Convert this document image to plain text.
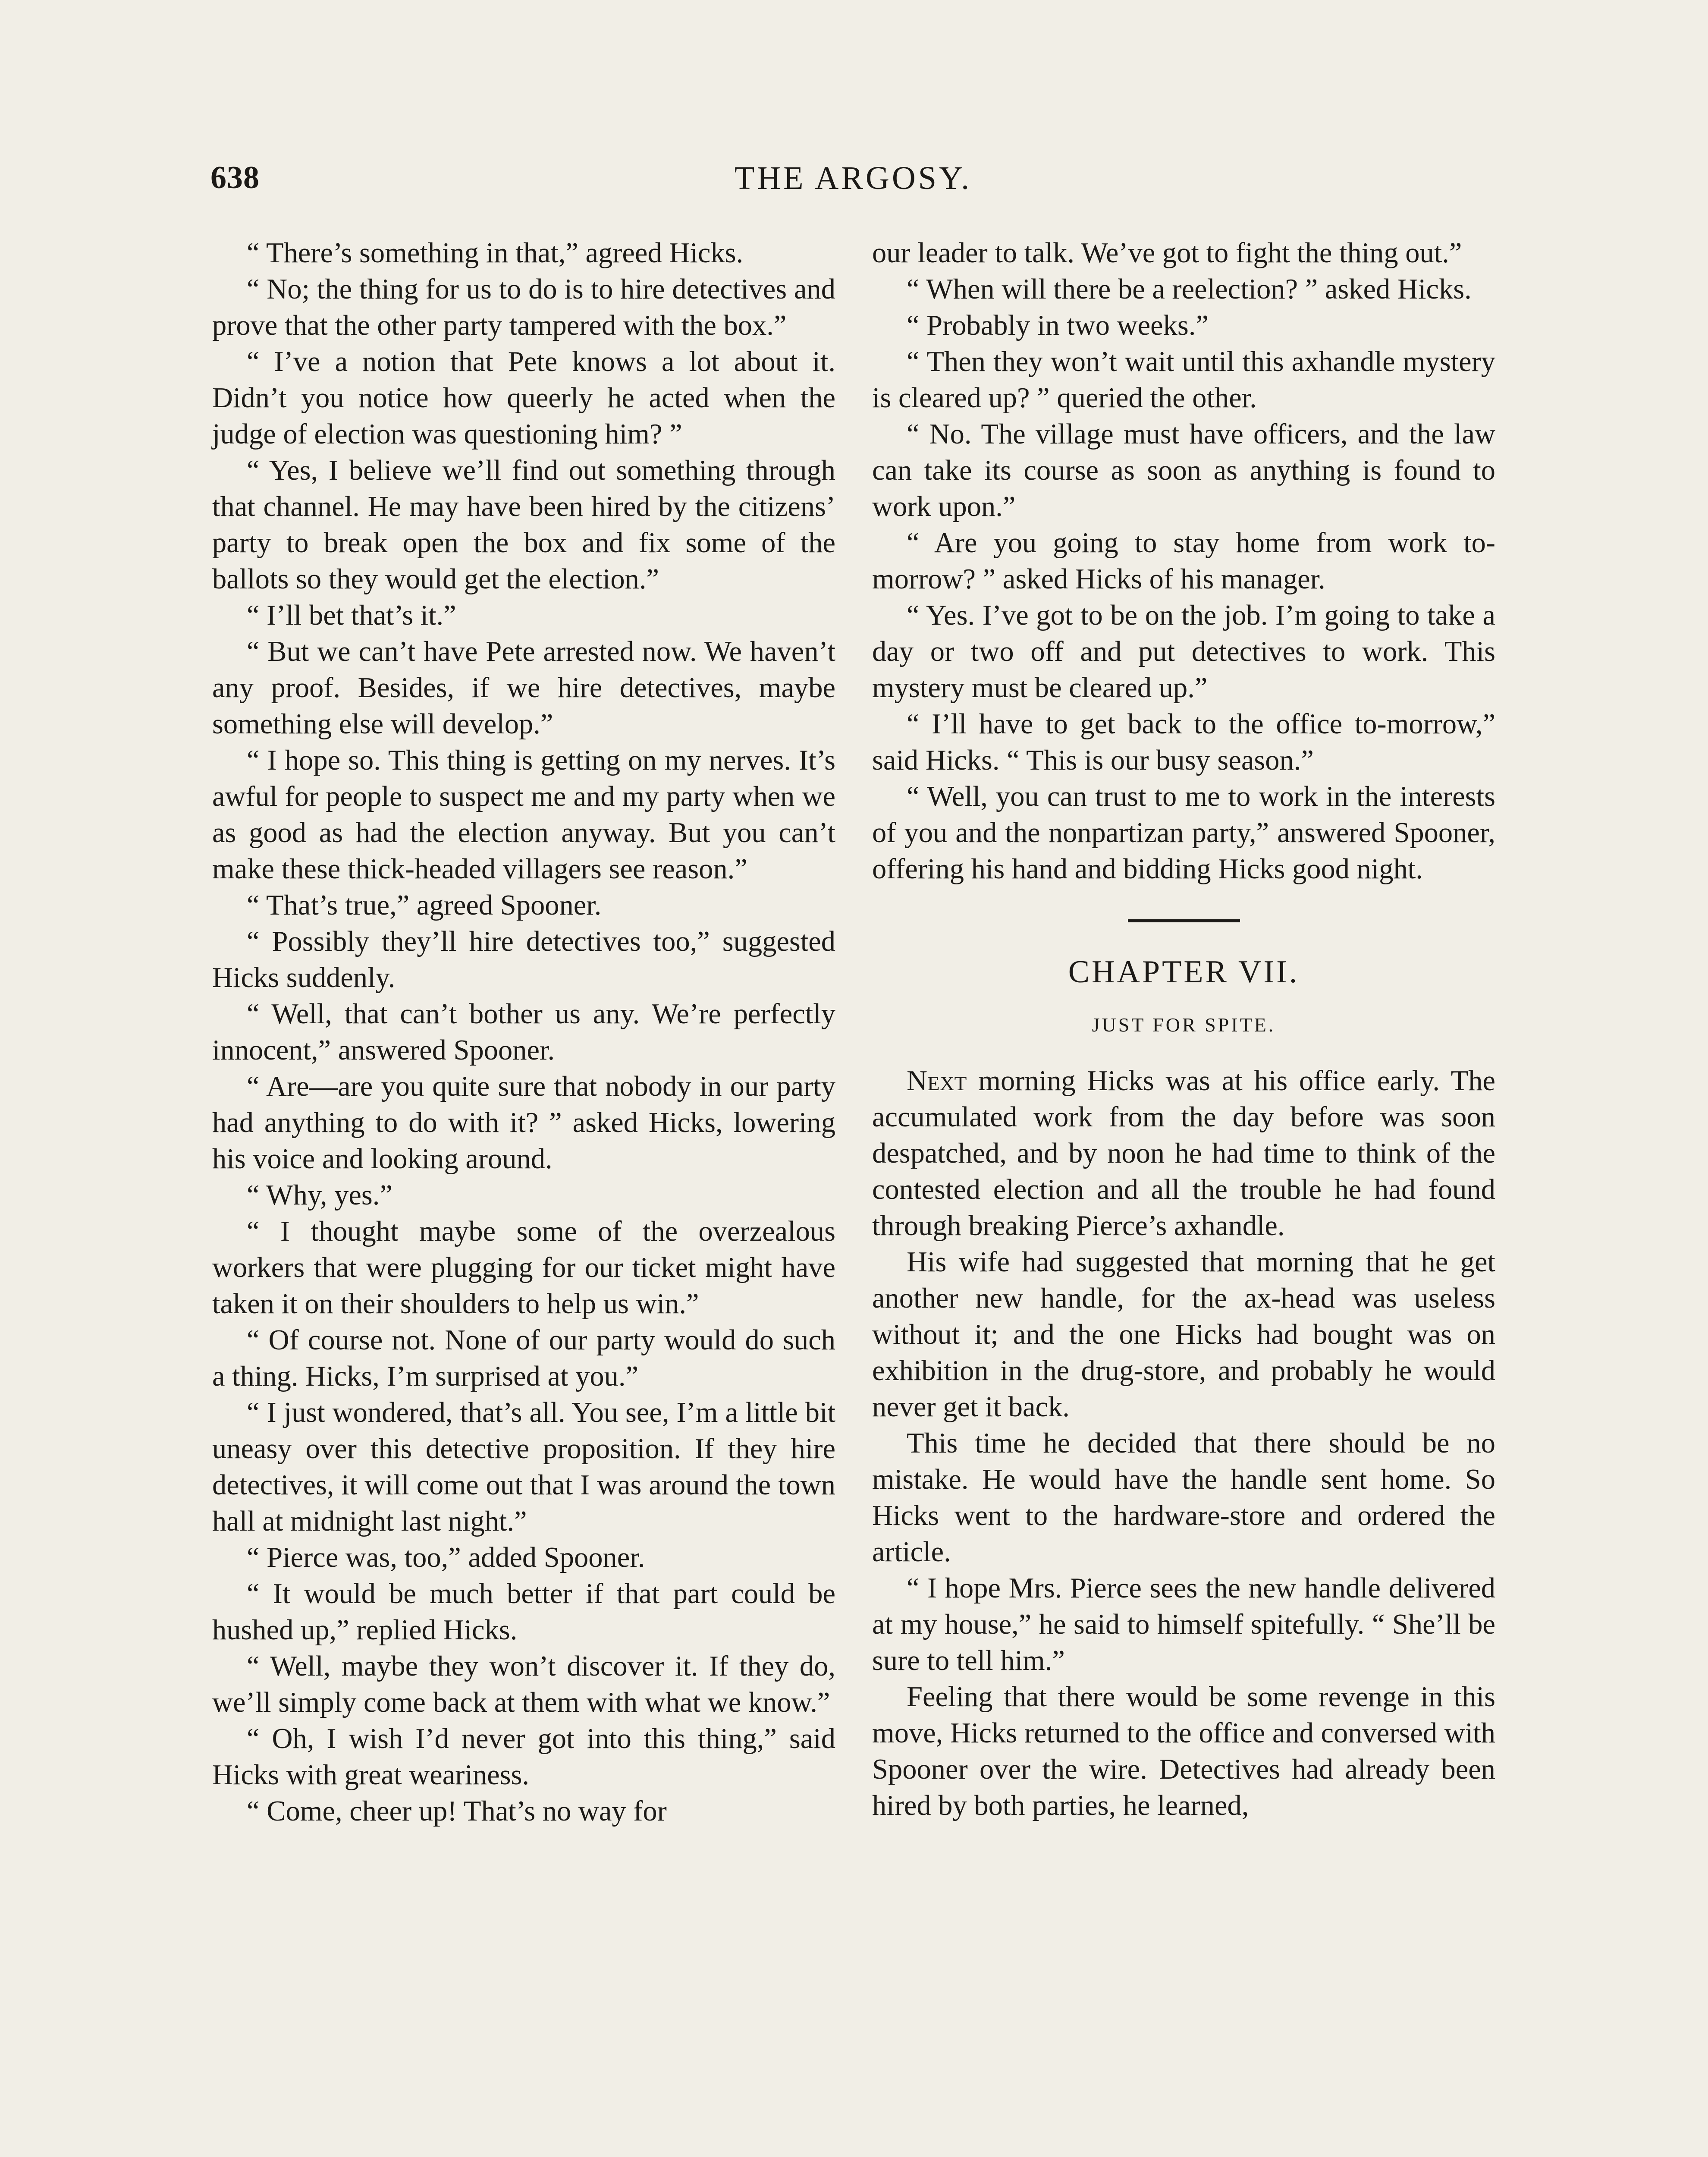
638	THE ARGOSY.

“ There’s something in that,” agreed Hicks.

“ No; the thing for us to do is to hire detectives and prove that the other party tampered with the box.”

“ I’ve a notion that Pete knows a lot about it. Didn’t you notice how queerly he acted when the judge of election was questioning him? ”

“ Yes, I believe we’ll find out something through that channel. He may have been hired by the citizens’ party to break open the box and fix some of the ballots so they would get the election.”

“ I’ll bet that’s it.”

“ But we can’t have Pete arrested now. We haven’t any proof. Besides, if we hire detectives, maybe something else will develop.”

“ I hope so. This thing is getting on my nerves. It’s awful for people to suspect me and my party when we as good as had the election anyway. But you can’t make these thick-headed villagers see reason.”

“ That’s true,” agreed Spooner.

“ Possibly they’ll hire detectives too,” suggested Hicks suddenly.

“ Well, that can’t bother us any. We’re perfectly innocent,” answered Spooner.

“ Are—are you quite sure that nobody in our party had anything to do with it? ” asked Hicks, lowering his voice and looking around.

“ Why, yes.”

“ I thought maybe some of the overzealous workers that were plugging for our ticket might have taken it on their shoulders to help us win.”

“ Of course not. None of our party would do such a thing. Hicks, I’m surprised at you.”

“ I just wondered, that’s all. You see, I’m a little bit uneasy over this detective proposition. If they hire detectives, it will come out that I was around the town hall at midnight last night.”

“ Pierce was, too,” added Spooner.

“ It would be much better if that part could be hushed up,” replied Hicks.

“ Well, maybe they won’t discover it. If they do, we’ll simply come back at them with what we know.”

“ Oh, I wish I’d never got into this thing,” said Hicks with great weariness.

“ Come, cheer up! That’s no way for

our leader to talk. We’ve got to fight the thing out.”

“ When will there be a reelection? ” asked Hicks.

“ Probably in two weeks.”

“ Then they won’t wait until this axhandle mystery is cleared up? ” queried the other.

“ No. The village must have officers, and the law can take its course as soon as anything is found to work upon.”

“ Are you going to stay home from work to-morrow? ” asked Hicks of his manager.

“ Yes. I’ve got to be on the job. I’m going to take a day or two off and put detectives to work. This mystery must be cleared up.”

“ I’ll have to get back to the office to-morrow,” said Hicks. “ This is our busy season.”

“ Well, you can trust to me to work in the interests of you and the nonpartizan party,” answered Spooner, offering his hand and bidding Hicks good night.

CHAPTER VII.
JUST FOR SPITE.

Next morning Hicks was at his office early. The accumulated work from the day before was soon despatched, and by noon he had time to think of the contested election and all the trouble he had found through breaking Pierce’s axhandle.

His wife had suggested that morning that he get another new handle, for the ax-head was useless without it; and the one Hicks had bought was on exhibition in the drug-store, and probably he would never get it back.

This time he decided that there should be no mistake. He would have the handle sent home. So Hicks went to the hardware-store and ordered the article.

“ I hope Mrs. Pierce sees the new handle delivered at my house,” he said to himself spitefully. “ She’ll be sure to tell him.”

Feeling that there would be some revenge in this move, Hicks returned to the office and conversed with Spooner over the wire. Detectives had already been hired by both parties, he learned,
